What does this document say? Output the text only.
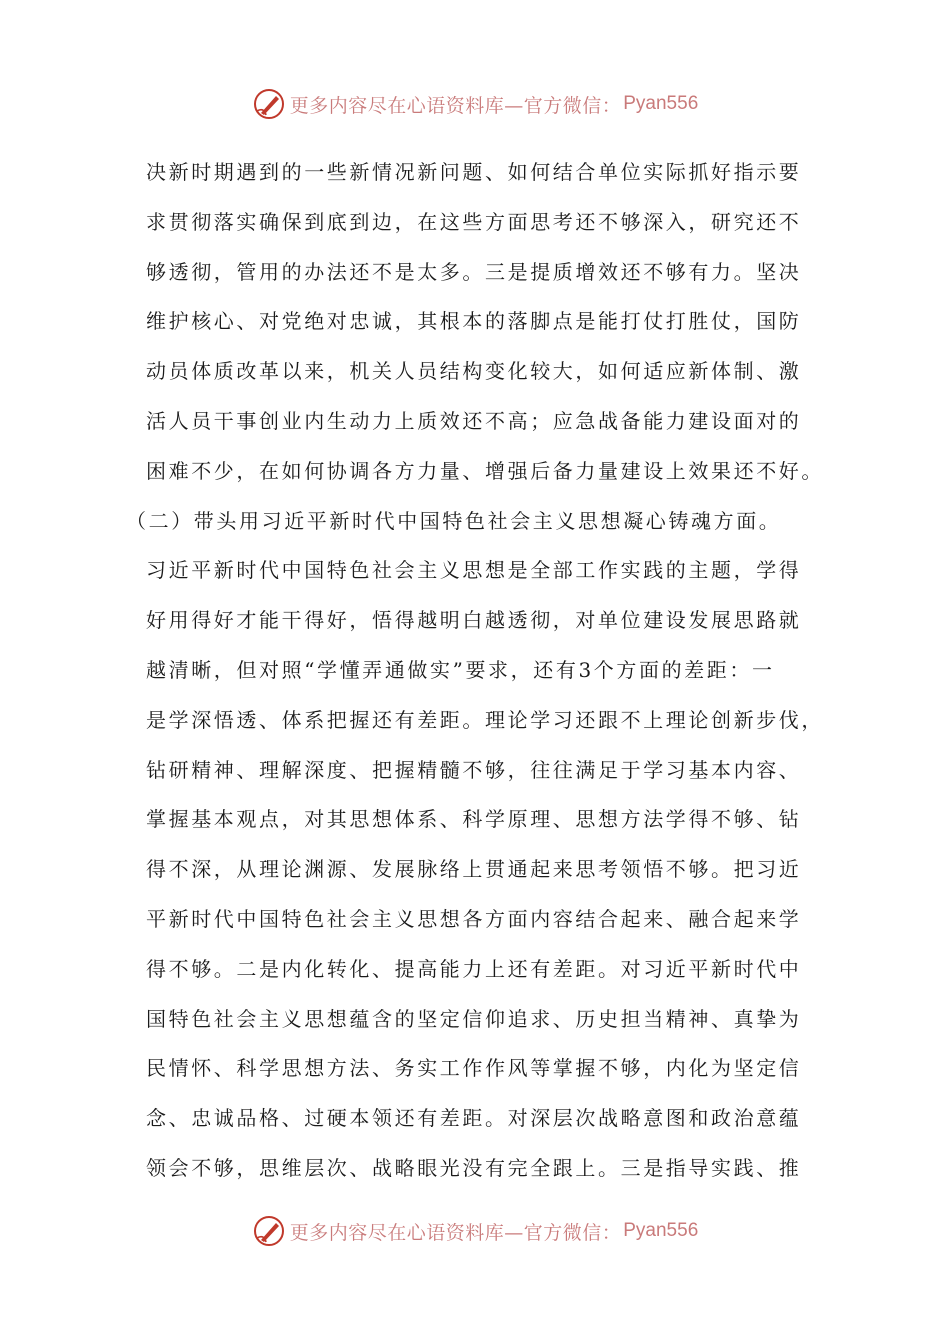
更多内容尽在心语资料库—官方微信： Pyan556
决新时期遇到的一些新情况新问题、如何结合单位实际抓好指示要
求贯彻落实确保到底到边，在这些方面思考还不够深入，研究还不
够透彻，管用的办法还不是太多。三是提质增效还不够有力。坚决
维护核心、对党绝对忠诚，其根本的落脚点是能打仗打胜仗，国防
动员体质改革以来，机关人员结构变化较大，如何适应新体制、激
活人员干事创业内生动力上质效还不高；应急战备能力建设面对的
困难不少，在如何协调各方力量、增强后备力量建设上效果还不好。
（二）带头用习近平新时代中国特色社会主义思想凝心铸魂方面。
习近平新时代中国特色社会主义思想是全部工作实践的主题，学得
好用得好才能干得好，悟得越明白越透彻，对单位建设发展思路就
越清晰，但对照“学懂弄通做实”要求，还有3个方面的差距：一
是学深悟透、体系把握还有差距。理论学习还跟不上理论创新步伐，
钻研精神、理解深度、把握精髓不够，往往满足于学习基本内容、
掌握基本观点，对其思想体系、科学原理、思想方法学得不够、钻
得不深，从理论渊源、发展脉络上贯通起来思考领悟不够。把习近
平新时代中国特色社会主义思想各方面内容结合起来、融合起来学
得不够。二是内化转化、提高能力上还有差距。对习近平新时代中
国特色社会主义思想蕴含的坚定信仰追求、历史担当精神、真挚为
民情怀、科学思想方法、务实工作作风等掌握不够，内化为坚定信
念、忠诚品格、过硬本领还有差距。对深层次战略意图和政治意蕴
领会不够，思维层次、战略眼光没有完全跟上。三是指导实践、推
更多内容尽在心语资料库—官方微信： Pyan556
